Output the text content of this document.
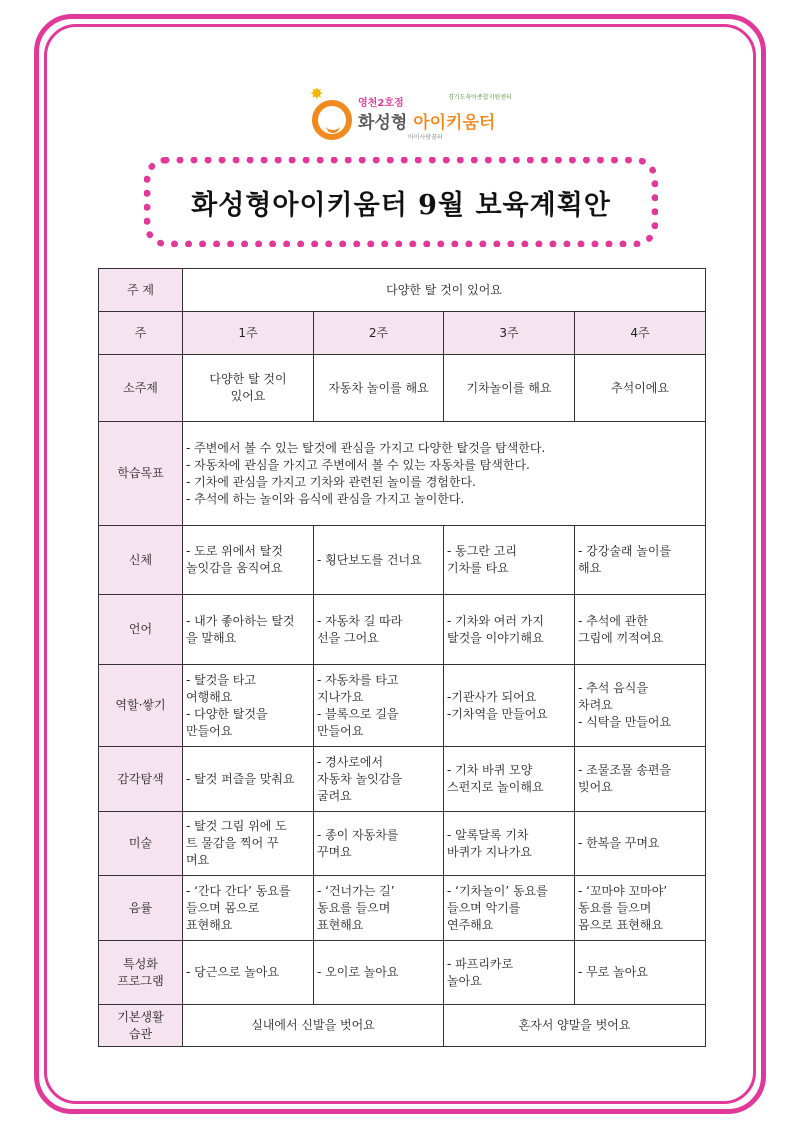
✸
영천2호점
경기도육아종합지원센터
화성형 아이키움터
아이사랑꿈터
화성형아이키움터 9월 보육계획안
주 제	다양한 탈 것이 있어요			
주	1주	2주	3주	4주
소주제	다양한 탈 것이
있어요	자동차 놀이를 해요	기차놀이를 해요	추석이에요

학습목표	- 주변에서 볼 수 있는 탈것에 관심을 가지고 다양한 탈것을 탐색한다.
- 자동차에 관심을 가지고 주변에서 볼 수 있는 자동차를 탐색한다.
- 기차에 관심을 가지고 기차와 관련된 놀이를 경험한다.
- 추석에 하는 놀이와 음식에 관심을 가지고 놀이한다.			

신체	- 도로 위에서 탈것
놀잇감을 움직여요	- 횡단보도를 건너요	- 동그란 고리
기차를 타요	- 강강술래 놀이를
해요

언어	- 내가 좋아하는 탈것
을 말해요	- 자동차 길 따라
선을 그어요	- 기차와 여러 가지
탈것을 이야기해요	- 추석에 관한
그림에 끼적여요

역할·쌓기	- 탈것을 타고
여행해요
- 다양한 탈것을
만들어요	- 자동차를 타고
지나가요
- 블록으로 길을
만들어요	-기관사가 되어요
-기차역을 만들어요	- 추석 음식을
차려요
- 식탁을 만들어요

감각탐색	- 탈것 퍼즐을 맞춰요	- 경사로에서
자동차 놀잇감을
굴려요	- 기차 바퀴 모양
스펀지로 놀이해요	- 조물조물 송편을
빚어요

미술	- 탈것 그림 위에 도
트 물감을 찍어 꾸
며요	- 종이 자동차를
꾸며요	- 알록달록 기차
바퀴가 지나가요	- 한복을 꾸며요

음률	- ‘간다 간다’ 동요를
들으며 몸으로
표현해요	- ‘건너가는 길’
동요를 들으며
표현해요	- ‘기차놀이’ 동요를
들으며 악기를
연주해요	- ‘꼬마야 꼬마야’
동요를 들으며
몸으로 표현해요

특성화
프로그램	- 당근으로 놀아요	- 오이로 놀아요	- 파프리카로
놀아요	- 무로 놀아요

기본생활
습관	실내에서 신발을 벗어요		혼자서 양말을 벗어요	
